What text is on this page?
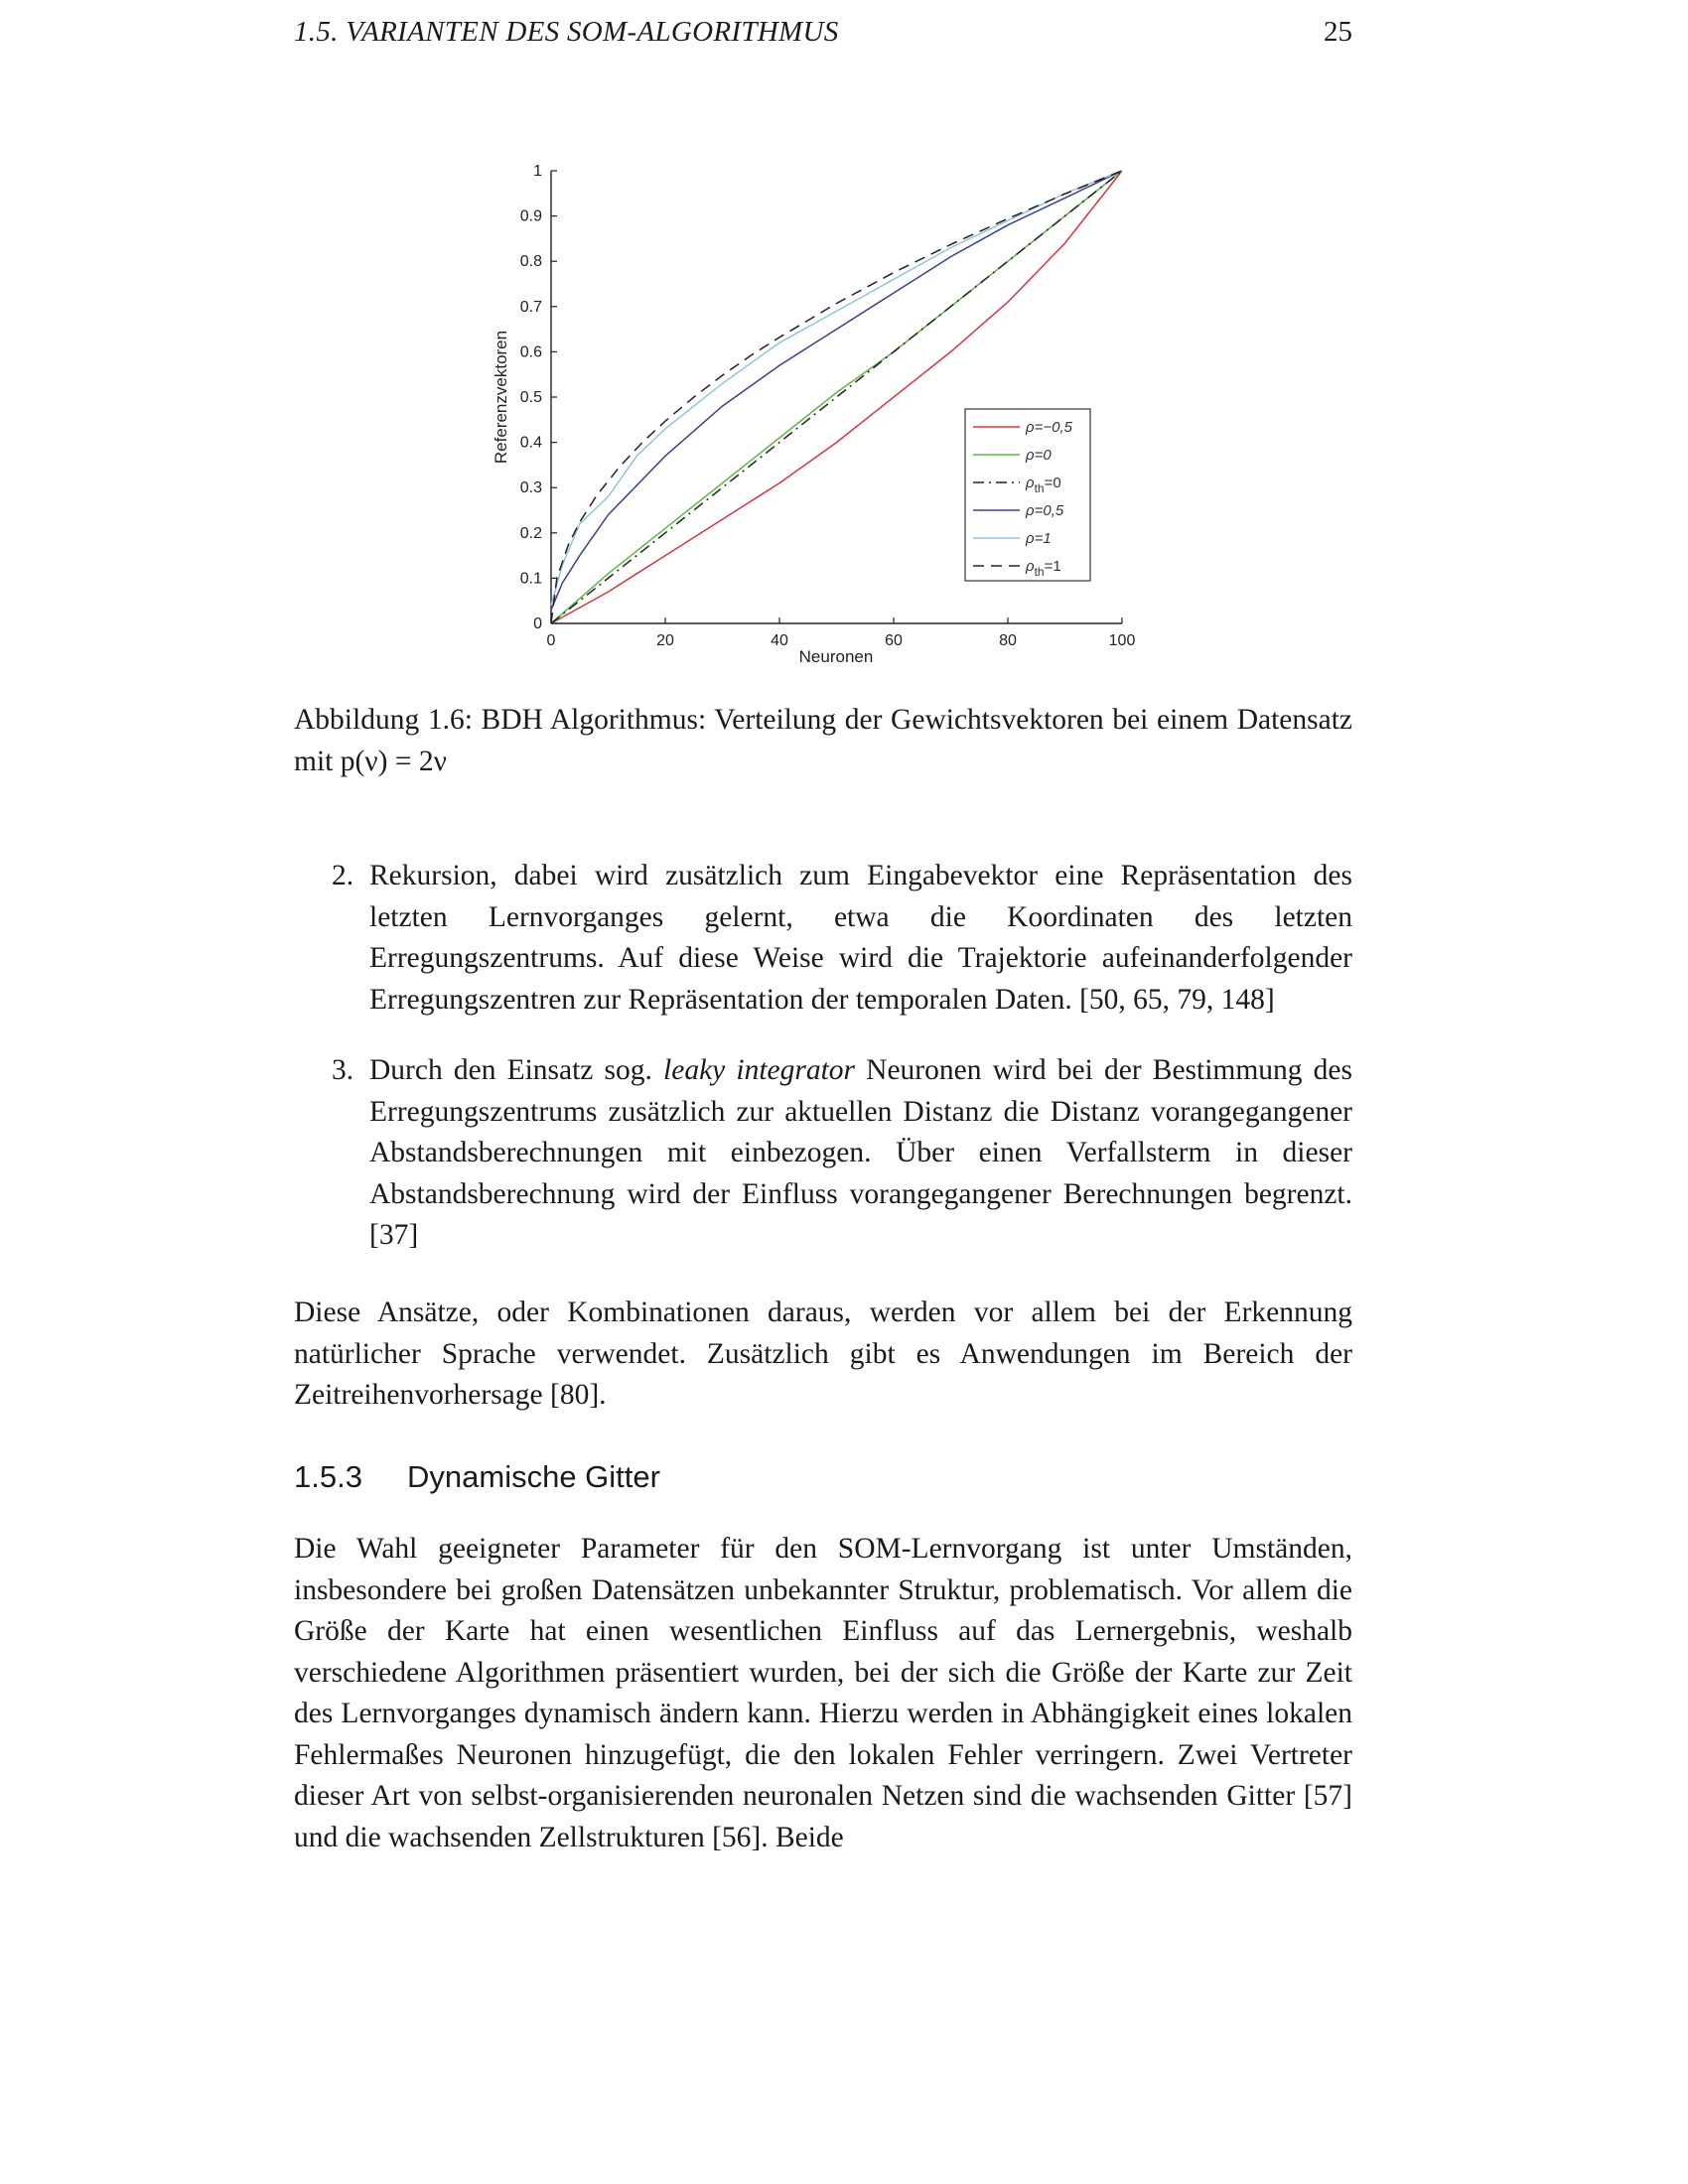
1.5. VARIANTEN DES SOM-ALGORITHMUS	25
0
0.1
0.2
0.3
0.4
0.5
0.6
0.7
0.8
0.9
1
0	20	40	60	80	100
Referenzvektoren
Neuronen
ρ=−0,5
ρ=0
$\rho_{th}=0$
ρ=0,5
ρ=1
$\rho_{th}=1$
Abbildung 1.6: BDH Algorithmus: Verteilung der Gewichtsvektoren bei einem Datensatz mit p(ν) = 2ν
2. Rekursion, dabei wird zusätzlich zum Eingabevektor eine Repräsentation des letzten Lernvorganges gelernt, etwa die Koordinaten des letzten Erregungszentrums. Auf diese Weise wird die Trajektorie aufeinanderfolgender Erregungszentren zur Repräsentation der temporalen Daten. [50, 65, 79, 148]
3. Durch den Einsatz sog. leaky integrator Neuronen wird bei der Bestimmung des Erregungszentrums zusätzlich zur aktuellen Distanz die Distanz vorangegangener Abstandsberechnungen mit einbezogen. Über einen Verfallsterm in dieser Abstandsberechnung wird der Einfluss vorangegangener Berechnungen begrenzt. [37]
Diese Ansätze, oder Kombinationen daraus, werden vor allem bei der Erkennung natürlicher Sprache verwendet. Zusätzlich gibt es Anwendungen im Bereich der Zeitreihenvorhersage [80].
1.5.3 Dynamische Gitter
Die Wahl geeigneter Parameter für den SOM-Lernvorgang ist unter Umständen, insbesondere bei großen Datensätzen unbekannter Struktur, problematisch. Vor allem die Größe der Karte hat einen wesentlichen Einfluss auf das Lernergebnis, weshalb verschiedene Algorithmen präsentiert wurden, bei der sich die Größe der Karte zur Zeit des Lernvorganges dynamisch ändern kann. Hierzu werden in Abhängigkeit eines lokalen Fehlermaßes Neuronen hinzugefügt, die den lokalen Fehler verringern. Zwei Vertreter dieser Art von selbst-organisierenden neuronalen Netzen sind die wachsenden Gitter [57] und die wachsenden Zellstrukturen [56]. Beide
